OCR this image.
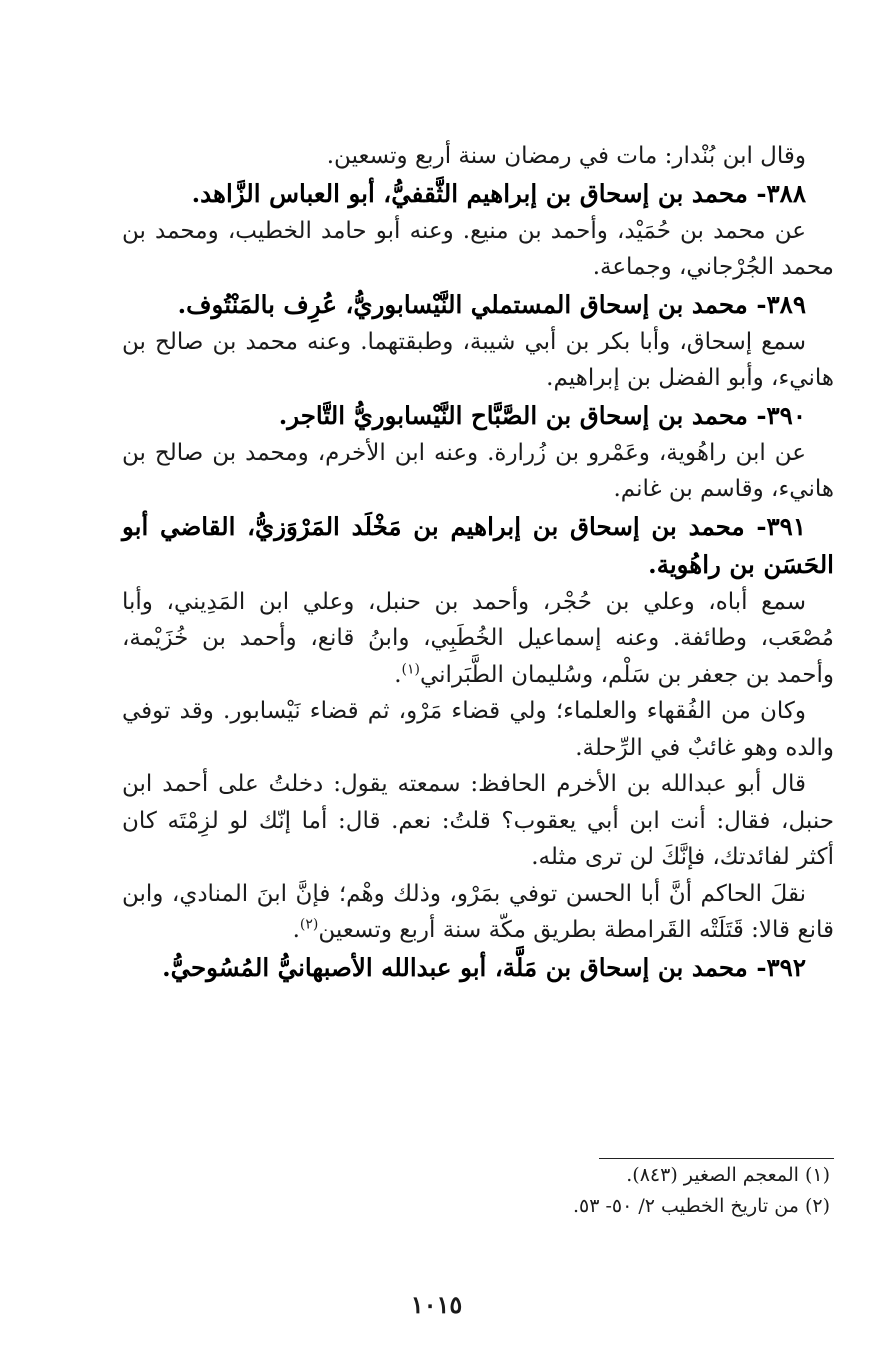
وقال ابن بُنْدار: مات في رمضان سنة أربع وتسعين.

٣٨٨- محمد بن إسحاق بن إبراهيم الثَّقفيُّ، أبو العباس الزَّاهد.

عن محمد بن حُمَيْد، وأحمد بن منيع. وعنه أبو حامد الخطيب، ومحمد بن محمد الجُرْجاني، وجماعة.

٣٨٩- محمد بن إسحاق المستملي النَّيْسابوريُّ، عُرِف بالمَنْتُوف.

سمع إسحاق، وأبا بكر بن أبي شيبة، وطبقتهما. وعنه محمد بن صالح بن هانيء، وأبو الفضل بن إبراهيم.

٣٩٠- محمد بن إسحاق بن الصَّبَّاح النَّيْسابوريُّ التَّاجر.

عن ابن راهُوية، وعَمْرو بن زُرارة. وعنه ابن الأخرم، ومحمد بن صالح بن هانيء، وقاسم بن غانم.

٣٩١- محمد بن إسحاق بن إبراهيم بن مَخْلَد المَرْوَزيُّ، القاضي أبو الحَسَن بن راهُوية.

سمع أباه، وعلي بن حُجْر، وأحمد بن حنبل، وعلي ابن المَدِيني، وأبا مُصْعَب، وطائفة. وعنه إسماعيل الخُطَبِي، وابنُ قانع، وأحمد بن خُزَيْمة، وأحمد بن جعفر بن سَلْم، وسُليمان الطَّبَراني$^{(١)}$.

وكان من الفُقهاء والعلماء؛ ولي قضاء مَرْو، ثم قضاء نَيْسابور. وقد توفي والده وهو غائبٌ في الرِّحلة.

قال أبو عبدالله بن الأخرم الحافظ: سمعته يقول: دخلتُ على أحمد ابن حنبل، فقال: أنت ابن أبي يعقوب؟ قلتُ: نعم. قال: أما إنّك لو لزِمْتَه كان أكثر لفائدتك، فإنَّكَ لن ترى مثله.

نقلَ الحاكم أنَّ أبا الحسن توفي بمَرْو، وذلك وهْم؛ فإنَّ ابنَ المنادي، وابن قانع قالا: قَتَلَتْه القَرامطة بطريق مكّة سنة أربع وتسعين$^{(٢)}$.

٣٩٢- محمد بن إسحاق بن مَلَّة، أبو عبدالله الأصبهانيُّ المُسُوحيُّ.

(١) المعجم الصغير (٨٤٣).

(٢) من تاريخ الخطيب ٢/ ٥٠- ٥٣.

١٠١٥
